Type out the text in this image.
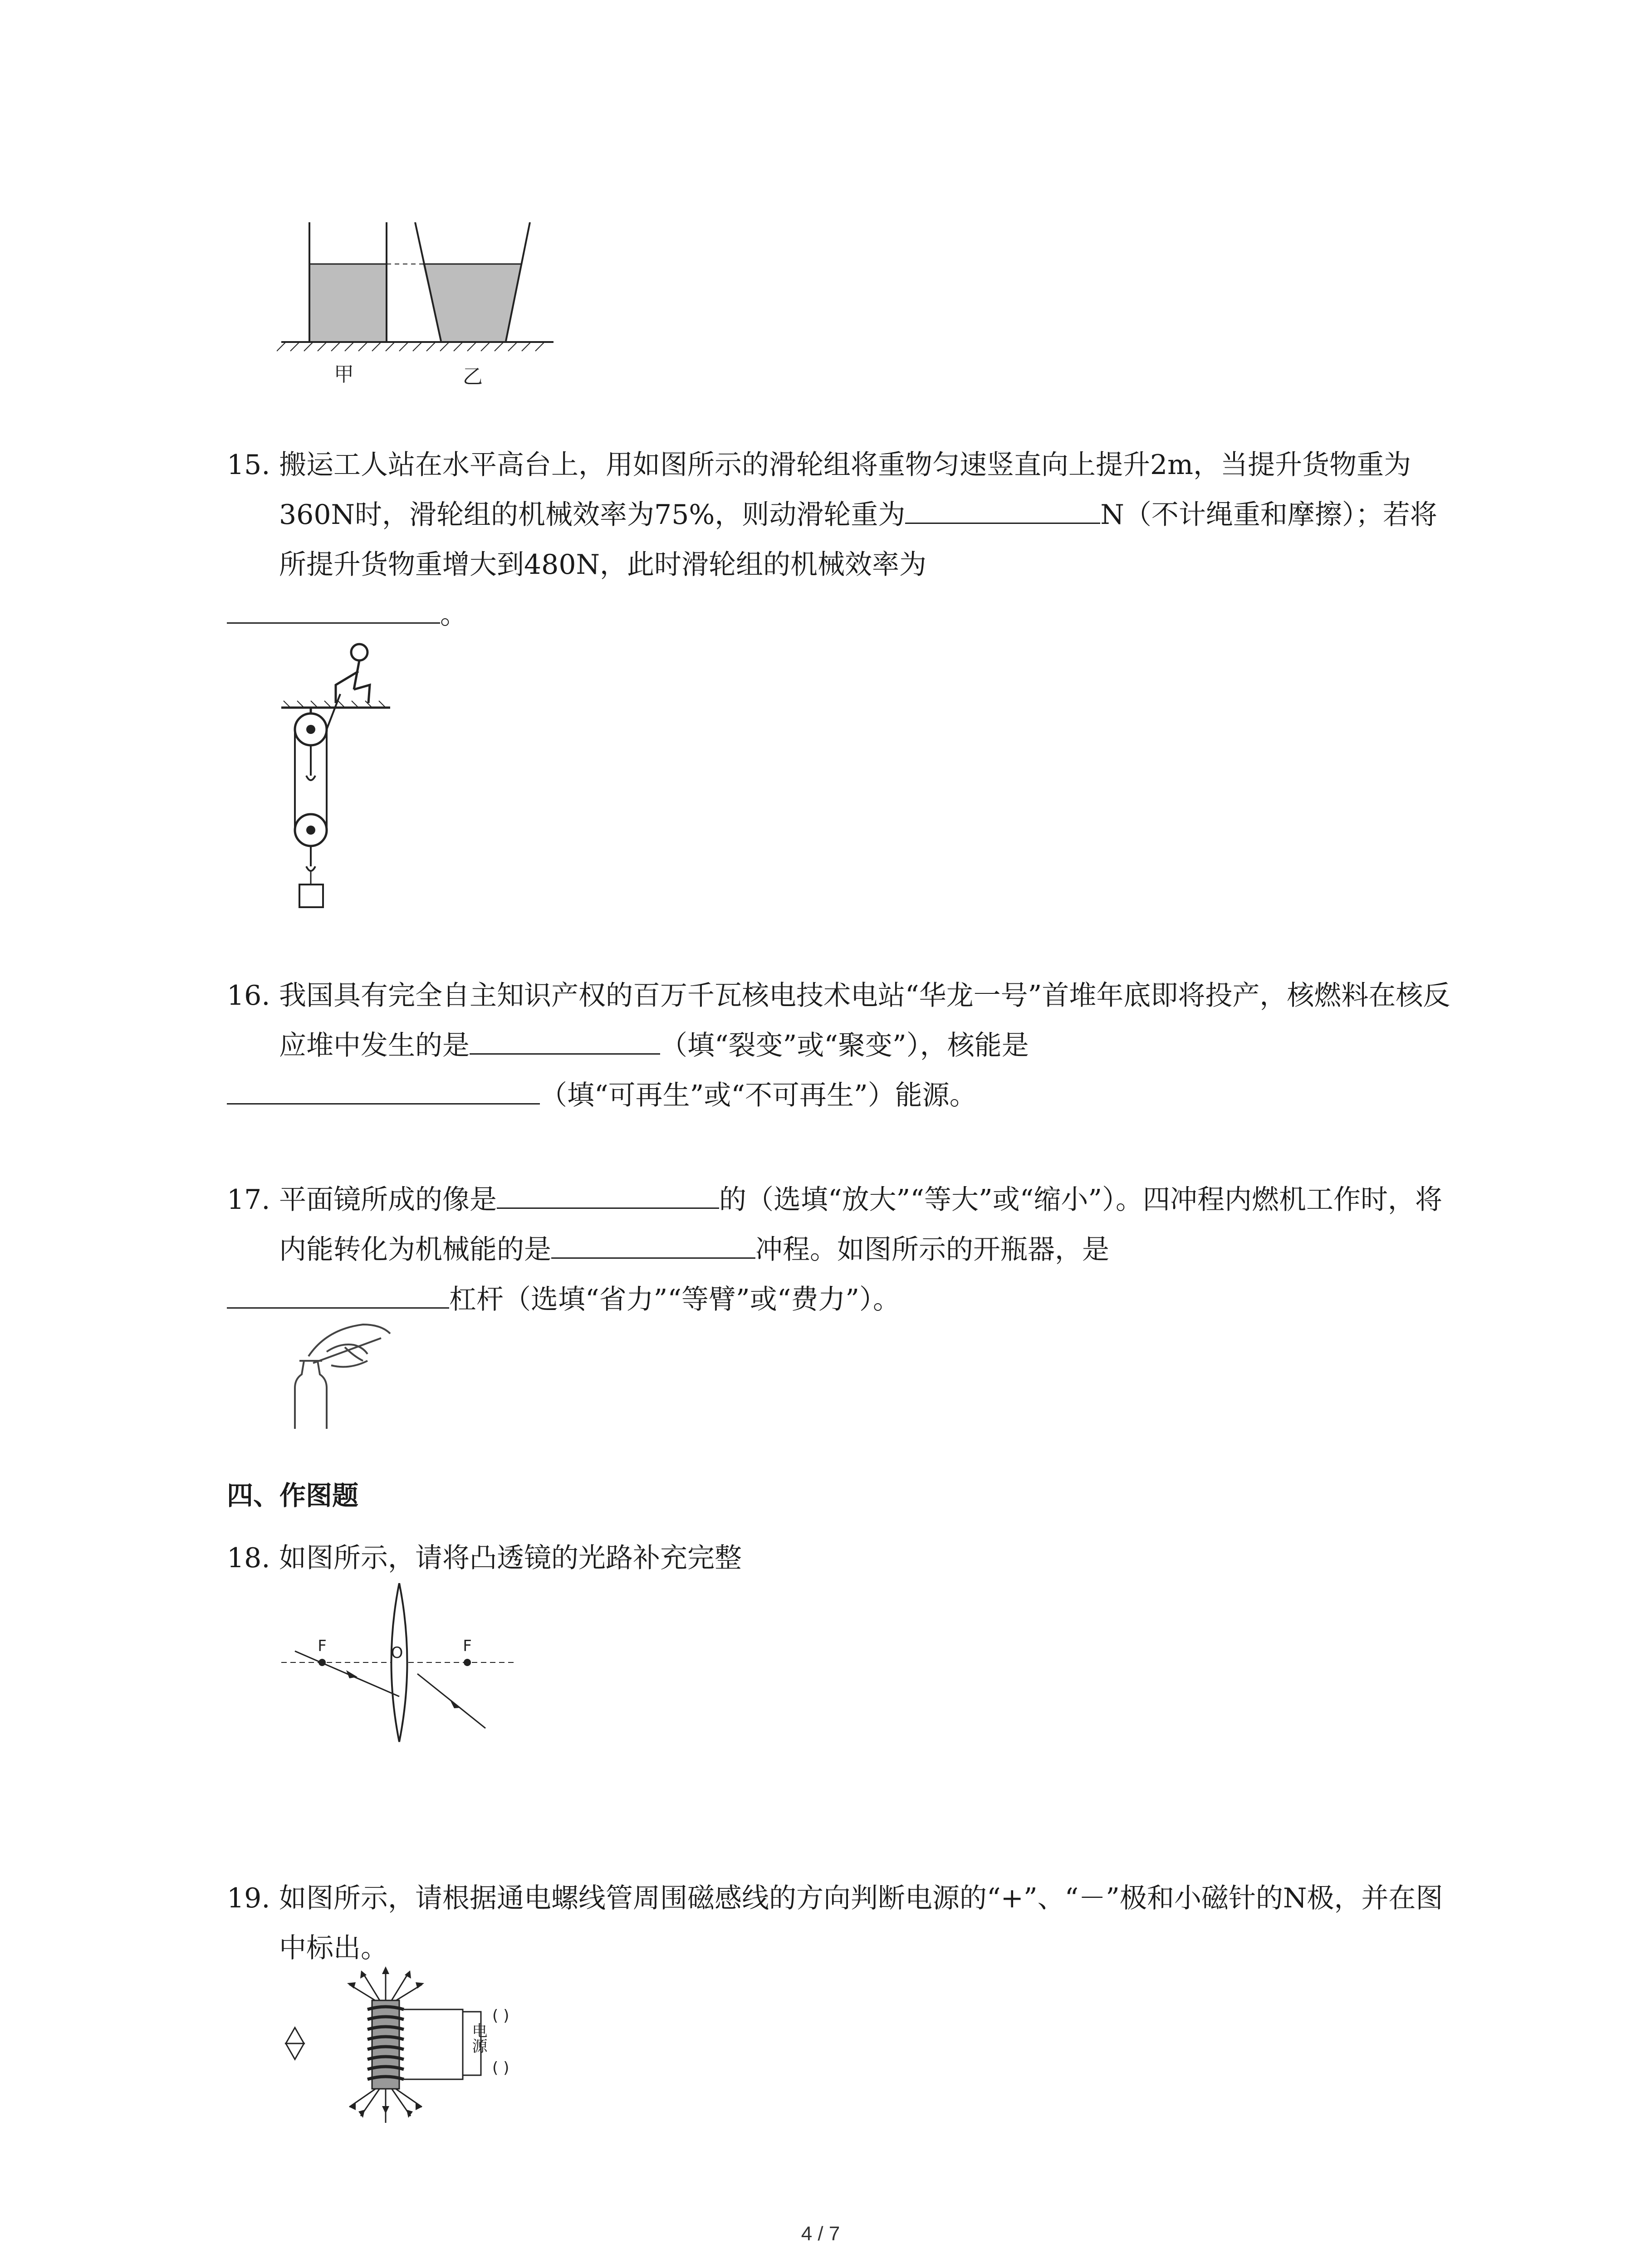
甲	乙
15. 搬运工人站在水平高台上，用如图所示的滑轮组将重物匀速竖直向上提升2m，当提升货物重为360N时，滑轮组的机械效率为75%，则动滑轮重为	N（不计绳重和摩擦）；若将所提升货物重增大到480N，此时滑轮组的机械效率为
。
16. 我国具有完全自主知识产权的百万千瓦核电技术电站“华龙一号”首堆年底即将投产，核燃料在核反应堆中发生的是	（填“裂变”或“聚变”），核能是
（填“可再生”或“不可再生”）能源。
17. 平面镜所成的像是	的（选填“放大”“等大”或“缩小”）。四冲程内燃机工作时，将内能转化为机械能的是	冲程。如图所示的开瓶器，是
杠杆（选填“省力”“等臂”或“费力”）。
四、作图题
18. 如图所示，请将凸透镜的光路补充完整
F	O	F
19. 如图所示，请根据通电螺线管周围磁感线的方向判断电源的“+”、“－”极和小磁针的N极，并在图中标出。
电源
( )
( )
4 / 7
